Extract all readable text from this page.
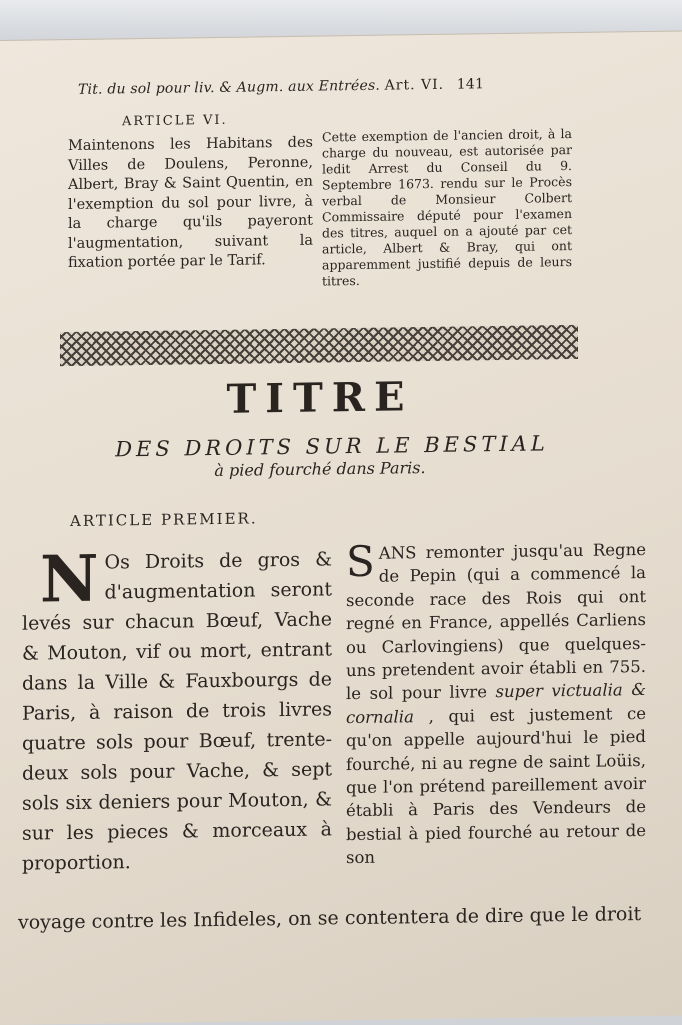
Tit. du sol pour liv. & Augm. aux Entrées. Art. VI. 141
ARTICLE VI.
Maintenons les Habitans des Villes de Doulens, Peronne, Albert, Bray & Saint Quentin, en l'exemption du sol pour livre, à la charge qu'ils payeront l'augmentation, suivant la fixation portée par le Tarif.
Cette exemption de l'ancien droit, à la charge du nouveau, est autorisée par ledit Arrest du Conseil du 9. Septembre 1673. rendu sur le Procès verbal de Monsieur Colbert Commissaire député pour l'examen des titres, auquel on a ajouté par cet article, Albert & Bray, qui ont apparemment justifié depuis de leurs titres.
TITRE
DES DROITS SUR LE BESTIAL
à pied fourché dans Paris.
ARTICLE PREMIER.
N Os Droits de gros & d'augmentation seront levés sur chacun Bœuf, Vache & Mouton, vif ou mort, entrant dans la Ville & Fauxbourgs de Paris, à raison de trois livres quatre sols pour Bœuf, trente-deux sols pour Vache, & sept sols six deniers pour Mouton, & sur les pieces & morceaux à proportion.
S ANS remonter jusqu'au Regne de Pepin (qui a commencé la seconde race des Rois qui ont regné en France, appellés Carliens ou Carlovingiens) que quelques-uns pretendent avoir établi en 755. le sol pour livre super victualia & cornalia , qui est justement ce qu'on appelle aujourd'hui le pied fourché, ni au regne de saint Loüis, que l'on prétend pareillement avoir établi à Paris des Vendeurs de bestial à pied fourché au retour de son
voyage contre les Infideles, on se contentera de dire que le droit
